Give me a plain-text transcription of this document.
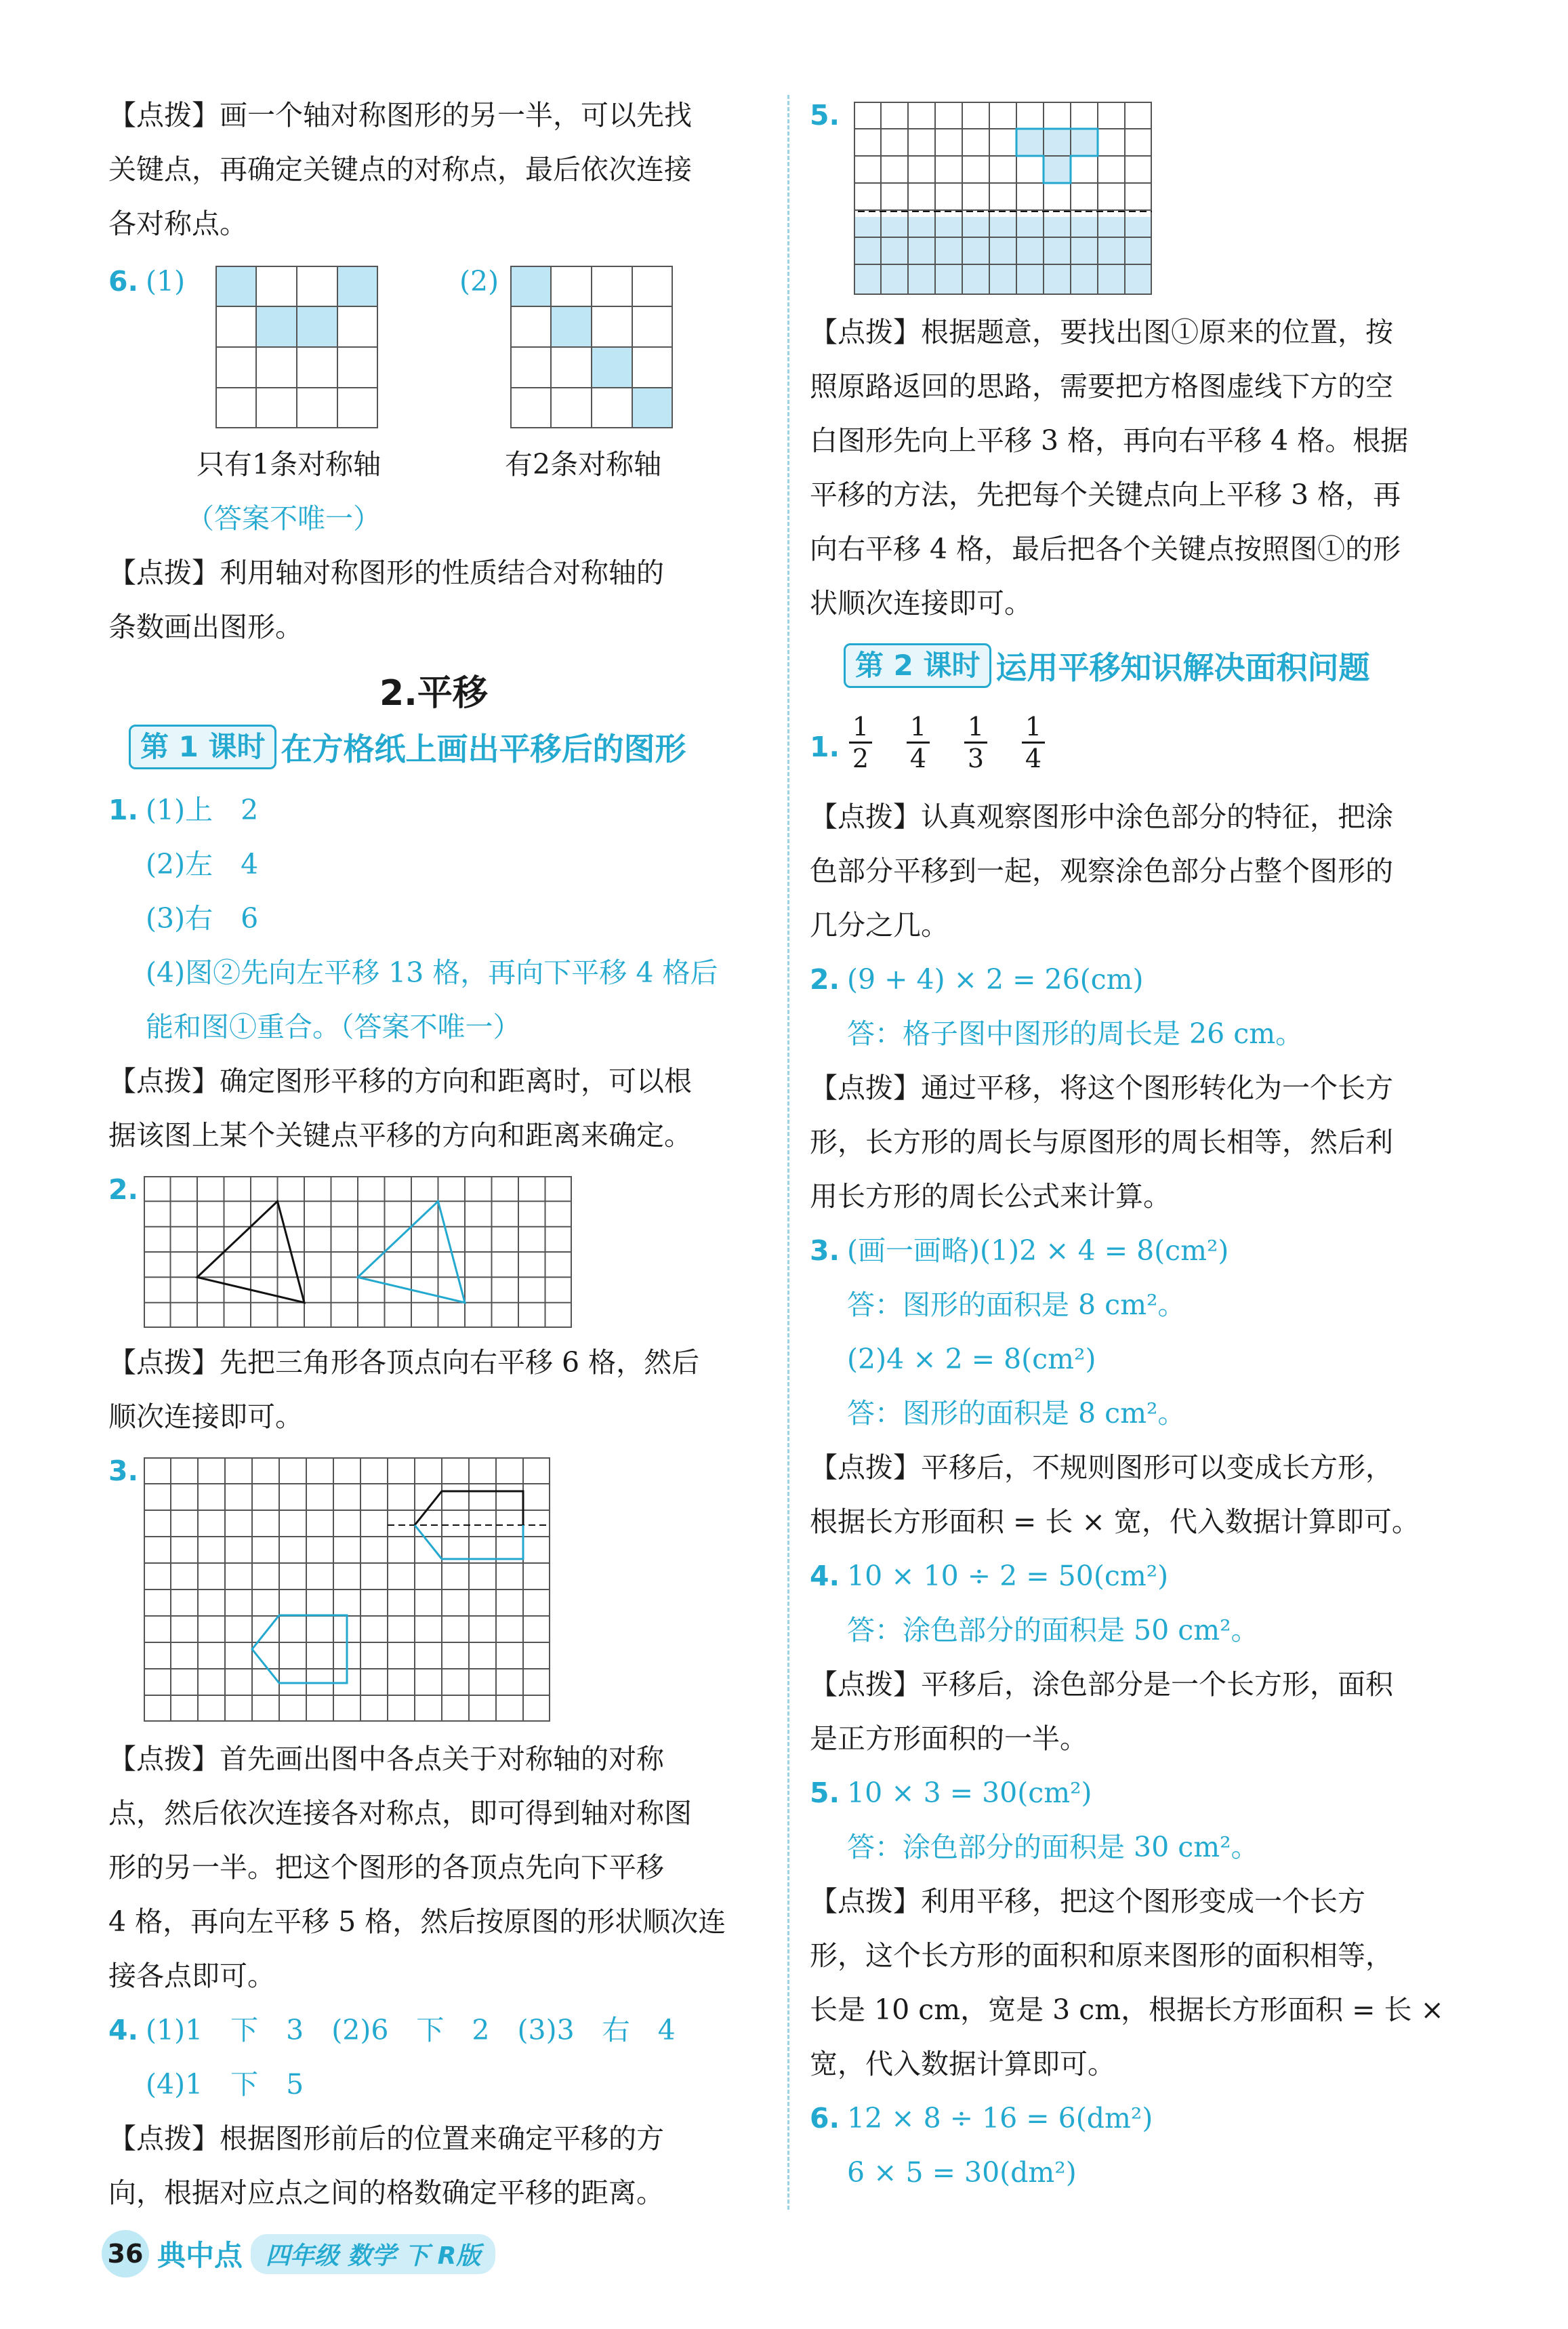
【点拨】画一个轴对称图形的另一半，可以先找
关键点，再确定关键点的对称点，最后依次连接
各对称点。
6. (1)	(2)
只有1条对称轴	有2条对称轴
（答案不唯一）
【点拨】利用轴对称图形的性质结合对称轴的
条数画出图形。
2.平移
第 1 课时 在方格纸上画出平移后的图形
1. (1)上　2
(2)左　4
(3)右　6
(4)图②先向左平移 13 格，再向下平移 4 格后
能和图①重合。（答案不唯一）
【点拨】确定图形平移的方向和距离时，可以根
据该图上某个关键点平移的方向和距离来确定。
2.
【点拨】先把三角形各顶点向右平移 6 格，然后
顺次连接即可。
3.
【点拨】首先画出图中各点关于对称轴的对称
点，然后依次连接各对称点，即可得到轴对称图
形的另一半。把这个图形的各顶点先向下平移
4 格，再向左平移 5 格，然后按原图的形状顺次连
接各点即可。
4. (1)1　下　3　(2)6　下　2　(3)3　右　4
(4)1　下　5
【点拨】根据图形前后的位置来确定平移的方
向，根据对应点之间的格数确定平移的距离。
5.
【点拨】根据题意，要找出图①原来的位置，按
照原路返回的思路，需要把方格图虚线下方的空
白图形先向上平移 3 格，再向右平移 4 格。根据
平移的方法，先把每个关键点向上平移 3 格，再
向右平移 4 格，最后把各个关键点按照图①的形
状顺次连接即可。
第 2 课时 运用平移知识解决面积问题
1.
1
2
1
4
1
3
1
4
【点拨】认真观察图形中涂色部分的特征，把涂
色部分平移到一起，观察涂色部分占整个图形的
几分之几。
2. (9 + 4) × 2 = 26(cm)
答：格子图中图形的周长是 26 cm。
【点拨】通过平移，将这个图形转化为一个长方
形，长方形的周长与原图形的周长相等，然后利
用长方形的周长公式来计算。
3. (画一画略)(1)2 × 4 = 8(cm²)
答：图形的面积是 8 cm²。
(2)4 × 2 = 8(cm²)
答：图形的面积是 8 cm²。
【点拨】平移后，不规则图形可以变成长方形，
根据长方形面积 = 长 × 宽，代入数据计算即可。
4. 10 × 10 ÷ 2 = 50(cm²)
答：涂色部分的面积是 50 cm²。
【点拨】平移后，涂色部分是一个长方形，面积
是正方形面积的一半。
5. 10 × 3 = 30(cm²)
答：涂色部分的面积是 30 cm²。
【点拨】利用平移，把这个图形变成一个长方
形，这个长方形的面积和原来图形的面积相等，
长是 10 cm，宽是 3 cm，根据长方形面积 = 长 ×
宽，代入数据计算即可。
6. 12 × 8 ÷ 16 = 6(dm²)
6 × 5 = 30(dm²)
36 典中点 四年级 数学 下 R版
